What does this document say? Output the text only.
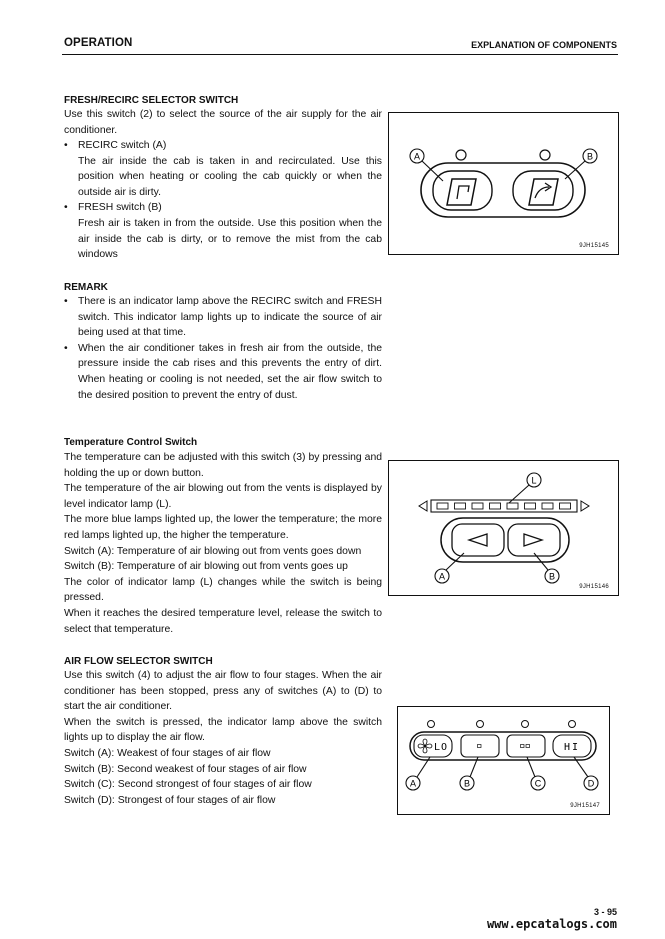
OPERATION	EXPLANATION OF COMPONENTS
FRESH/RECIRC SELECTOR SWITCH
Use this switch (2) to select the source of the air supply for the air conditioner.
• RECIRC switch (A)
The air inside the cab is taken in and recirculated. Use this position when heating or cooling the cab quickly or when the outside air is dirty.
• FRESH switch (B)
Fresh air is taken in from the outside. Use this position when the air inside the cab is dirty, or to remove the mist from the cab windows
A	B
9JH15145
REMARK
• There is an indicator lamp above the RECIRC switch and FRESH switch. This indicator lamp lights up to indicate the source of air being used at that time.
• When the air conditioner takes in fresh air from the outside, the pressure inside the cab rises and this prevents the entry of dirt. When heating or cooling is not needed, set the air flow switch to the desired position to prevent the entry of dust.
Temperature Control Switch
The temperature can be adjusted with this switch (3) by pressing and holding the up or down button.
The temperature of the air blowing out from the vents is displayed by level indicator lamp (L).
The more blue lamps lighted up, the lower the temperature; the more red lamps lighted up, the higher the temperature.
Switch (A): Temperature of air blowing out from vents goes down
Switch (B): Temperature of air blowing out from vents goes up
The color of indicator lamp (L) changes while the switch is being pressed.
When it reaches the desired temperature level, release the switch to select that temperature.
L
A	B
9JH15146
AIR FLOW SELECTOR SWITCH
Use this switch (4) to adjust the air flow to four stages. When the air conditioner has been stopped, press any of switches (A) to (D) to start the air conditioner.
When the switch is pressed, the indicator lamp above the switch lights up to display the air flow.
Switch (A): Weakest of four stages of air flow
Switch (B): Second weakest of four stages of air flow
Switch (C): Second strongest of four stages of air flow
Switch (D): Strongest of four stages of air flow
LO	HI
A	B	C	D
9JH15147
3 - 95
www.epcatalogs.com
